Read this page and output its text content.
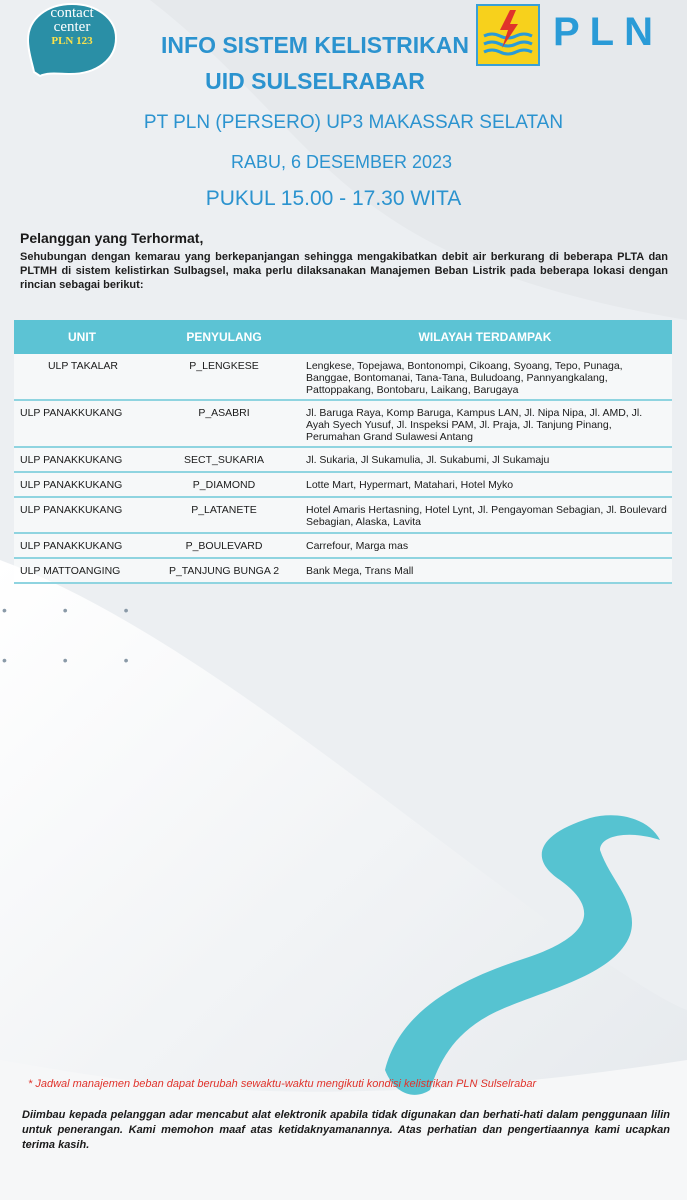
contact
center
PLN 123	PLN
INFO SISTEM KELISTRIKAN
UID SULSELRABAR
PT PLN (PERSERO) UP3 MAKASSAR SELATAN
RABU, 6 DESEMBER 2023
PUKUL 15.00 - 17.30 WITA
Pelanggan yang Terhormat,
Sehubungan dengan kemarau yang berkepanjangan sehingga mengakibatkan debit air berkurang di beberapa PLTA dan PLTMH di sistem kelistirkan Sulbagsel, maka perlu dilaksanakan Manajemen Beban Listrik pada beberapa lokasi dengan rincian sebagai berikut:
UNIT	PENYULANG	WILAYAH TERDAMPAK
ULP TAKALAR	P_LENGKESE	Lengkese, Topejawa, Bontonompi, Cikoang, Syoang, Tepo, Punaga, Banggae, Bontomanai, Tana-Tana, Buludoang, Pannyangkalang, Pattoppakang, Bontobaru, Laikang, Barugaya
ULP PANAKKUKANG	P_ASABRI	Jl. Baruga Raya, Komp Baruga, Kampus LAN, Jl. Nipa Nipa, Jl. AMD, Jl. Ayah Syech Yusuf, Jl. Inspeksi PAM, Jl. Praja, Jl. Tanjung Pinang, Perumahan Grand Sulawesi Antang
ULP PANAKKUKANG	SECT_SUKARIA	Jl. Sukaria, Jl Sukamulia, Jl. Sukabumi, Jl Sukamaju
ULP PANAKKUKANG	P_DIAMOND	Lotte Mart, Hypermart, Matahari, Hotel Myko
ULP PANAKKUKANG	P_LATANETE	Hotel Amaris Hertasning, Hotel Lynt, Jl. Pengayoman Sebagian, Jl. Boulevard Sebagian, Alaska, Lavita
ULP PANAKKUKANG	P_BOULEVARD	Carrefour, Marga mas
ULP MATTOANGING	P_TANJUNG BUNGA 2	Bank Mega, Trans Mall
• • •
• • •
* Jadwal manajemen beban dapat berubah sewaktu-waktu mengikuti kondisi kelistrikan PLN Sulselrabar
Diimbau kepada pelanggan adar mencabut alat elektronik apabila tidak digunakan dan berhati-hati dalam penggunaan lilin untuk penerangan. Kami memohon maaf atas ketidaknyamanannya. Atas perhatian dan pengertiaannya kami ucapkan terima kasih.
